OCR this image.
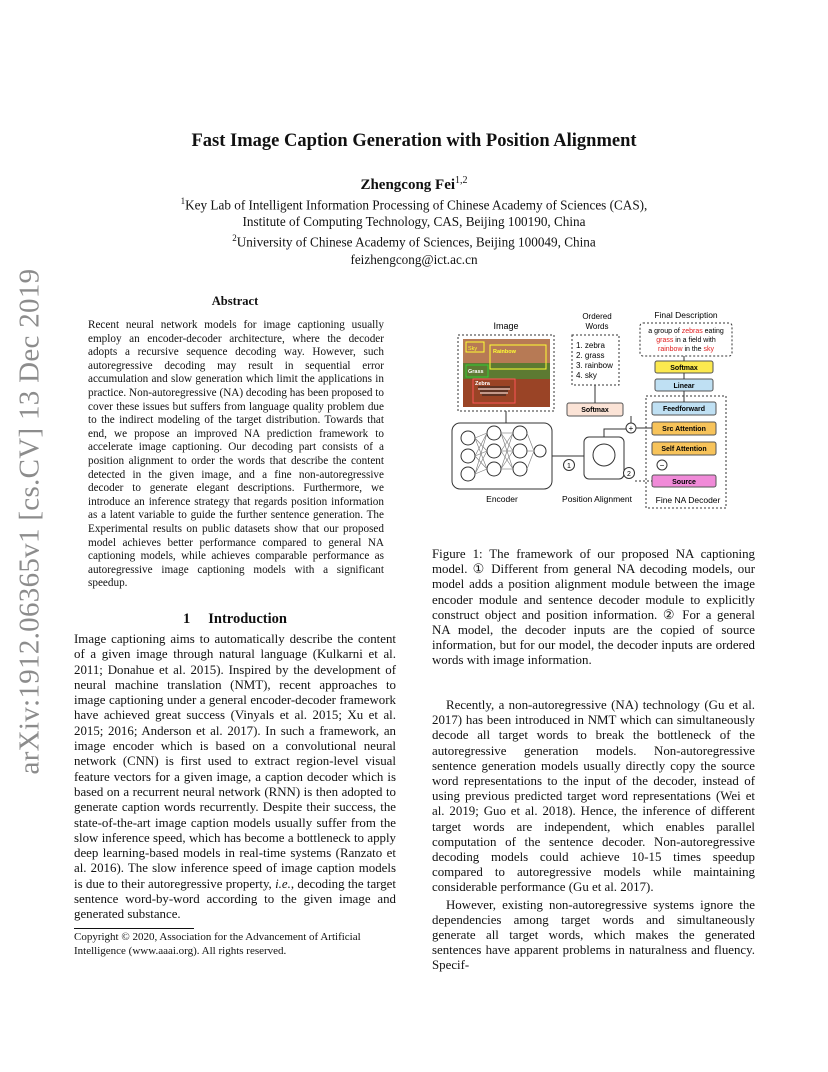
arXiv:1912.06365v1 [cs.CV] 13 Dec 2019
Fast Image Caption Generation with Position Alignment
Zhengcong Fei$^{1,2}$
$^1$Key Lab of Intelligent Information Processing of Chinese Academy of Sciences (CAS),
Institute of Computing Technology, CAS, Beijing 100190, China
$^2$University of Chinese Academy of Sciences, Beijing 100049, China
feizhengcong@ict.ac.cn
Abstract
Recent neural network models for image captioning usually employ an encoder-decoder architecture, where the decoder adopts a recursive sequence decoding way. However, such autoregressive decoding may result in sequential error accumulation and slow generation which limit the applications in practice. Non-autoregressive (NA) decoding has been proposed to cover these issues but suffers from language quality problem due to the indirect modeling of the target distribution. Towards that end, we propose an improved NA prediction framework to accelerate image captioning. Our decoding part consists of a position alignment to order the words that describe the content detected in the given image, and a fine non-autoregressive decoder to generate elegant descriptions. Furthermore, we introduce an inference strategy that regards position information as a latent variable to guide the further sentence generation. The Experimental results on public datasets show that our proposed model achieves better performance compared to general NA captioning models, while achieves comparable performance as autoregressive image captioning models with a significant speedup.
1 Introduction
Image captioning aims to automatically describe the content of a given image through natural language (Kulkarni et al. 2011; Donahue et al. 2015). Inspired by the development of neural machine translation (NMT), recent approaches to image captioning under a general encoder-decoder framework have achieved great success (Vinyals et al. 2015; Xu et al. 2015; 2016; Anderson et al. 2017). In such a framework, an image encoder which is based on a convolutional neural network (CNN) is first used to extract region-level visual feature vectors for a given image, a caption decoder which is based on a recurrent neural network (RNN) is then adopted to generate caption words recurrently. Despite their success, the state-of-the-art image caption models usually suffer from the slow inference speed, which has become a bottleneck to apply deep learning-based models in real-time systems (Ranzato et al. 2016). The slow inference speed of image caption models is due to their autoregressive property, i.e., decoding the target sentence word-by-word according to the given image and generated substance.
Copyright © 2020, Association for the Advancement of Artificial Intelligence (www.aaai.org). All rights reserved.
Image
Ordered
Words
Final Description
Sky	Rainbow
Grass
Zebra
1. zebra
2. grass
3. rainbow
4. sky
a group of zebras eating
grass in a field with
rainbow in the sky
Softmax
Linear
Feedforward
Src Attention
Self Attention
−
Source
Softmax
+
1
2
Encoder	Position Alignment	Fine NA Decoder
Figure 1: The framework of our proposed NA captioning model. ① Different from general NA decoding models, our model adds a position alignment module between the image encoder module and sentence decoder module to explicitly construct object and position information. ② For a general NA model, the decoder inputs are the copied of source information, but for our model, the decoder inputs are ordered words with image information.

Recently, a non-autoregressive (NA) technology (Gu et al. 2017) has been introduced in NMT which can simultaneously decode all target words to break the bottleneck of the autoregressive generation models. Non-autoregressive sentence generation models usually directly copy the source word representations to the input of the decoder, instead of using previous predicted target word representations (Wei et al. 2019; Guo et al. 2018). Hence, the inference of different target words are independent, which enables parallel computation of the sentence decoder. Non-autoregressive decoding models could achieve 10-15 times speedup compared to autoregressive models while maintaining considerable performance (Gu et al. 2017).

However, existing non-autoregressive systems ignore the dependencies among target words and simultaneously generate all target words, which makes the generated sentences have apparent problems in naturalness and fluency. Specif-
